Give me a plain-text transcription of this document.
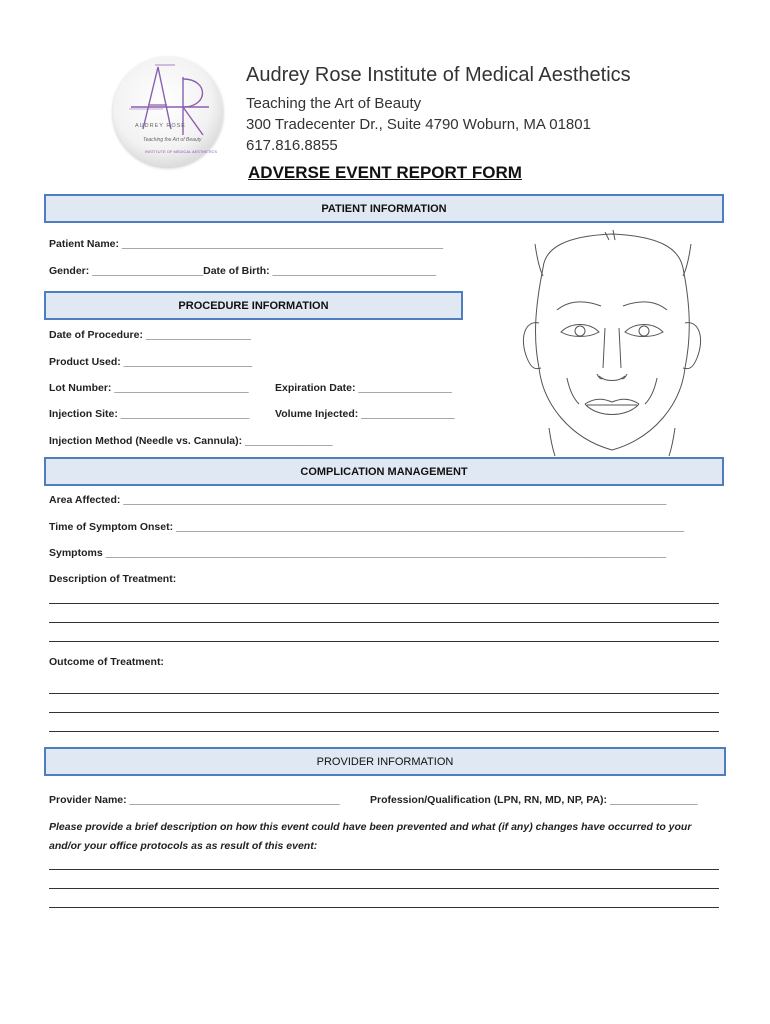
AUDREY ROSE
Teaching the Art of Beauty
INSTITUTE OF MEDICAL AESTHETICS
Audrey Rose Institute of Medical Aesthetics
Teaching the Art of Beauty
300 Tradecenter Dr., Suite 4790 Woburn, MA 01801
617.816.8855
ADVERSE EVENT REPORT FORM
PATIENT INFORMATION
Patient Name: _______________________________________________________
Gender: ___________________Date of Birth: ____________________________
PROCEDURE INFORMATION
Date of Procedure: __________________
Product Used: ______________________
Lot Number: _______________________	Expiration Date: ________________
Injection Site: ______________________ Volume Injected: ________________
Injection Method (Needle vs. Cannula): _______________
COMPLICATION MANAGEMENT
Area Affected: _____________________________________________________________________________________________
Time of Symptom Onset: _______________________________________________________________________________________
Symptoms ________________________________________________________________________________________________
Description of Treatment:
Outcome of Treatment:
PROVIDER INFORMATION
Provider Name: ____________________________________	Profession/Qualification (LPN, RN, MD, NP, PA): _______________
Please provide a brief description on how this event could have been prevented and what (if any) changes have occurred to your
and/or your office protocols as as result of this event:
